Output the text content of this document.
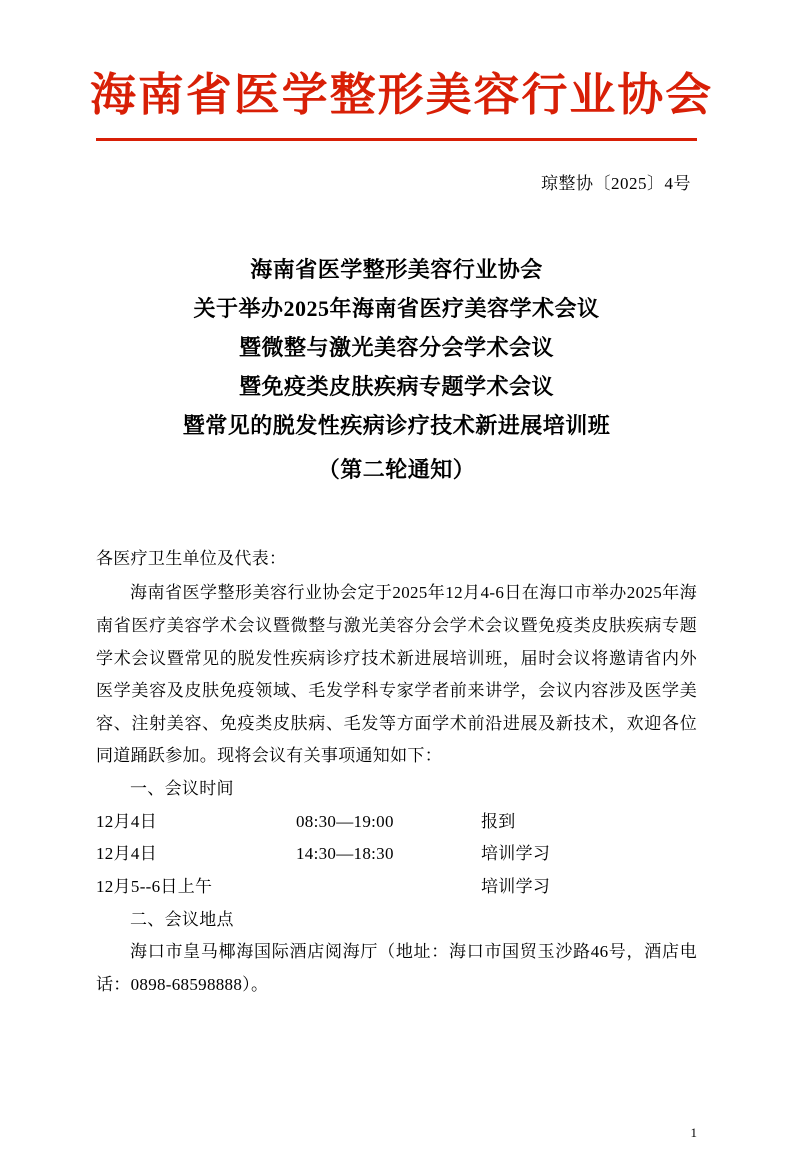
海南省医学整形美容行业协会
琼整协〔2025〕4号
海南省医学整形美容行业协会
关于举办2025年海南省医疗美容学术会议
暨微整与激光美容分会学术会议
暨免疫类皮肤疾病专题学术会议
暨常见的脱发性疾病诊疗技术新进展培训班
（第二轮通知）
各医疗卫生单位及代表：
海南省医学整形美容行业协会定于2025年12月4-6日在海口市举办2025年海南省医疗美容学术会议暨微整与激光美容分会学术会议暨免疫类皮肤疾病专题学术会议暨常见的脱发性疾病诊疗技术新进展培训班，届时会议将邀请省内外医学美容及皮肤免疫领域、毛发学科专家学者前来讲学，会议内容涉及医学美容、注射美容、免疫类皮肤病、毛发等方面学术前沿进展及新技术，欢迎各位同道踊跃参加。现将会议有关事项通知如下：
一、会议时间
12月4日	08:30—19:00	报到
12月4日	14:30—18:30	培训学习
12月5--6日上午		培训学习
二、会议地点
海口市皇马椰海国际酒店阅海厅（地址：海口市国贸玉沙路46号，酒店电话：0898-68598888）。
1
